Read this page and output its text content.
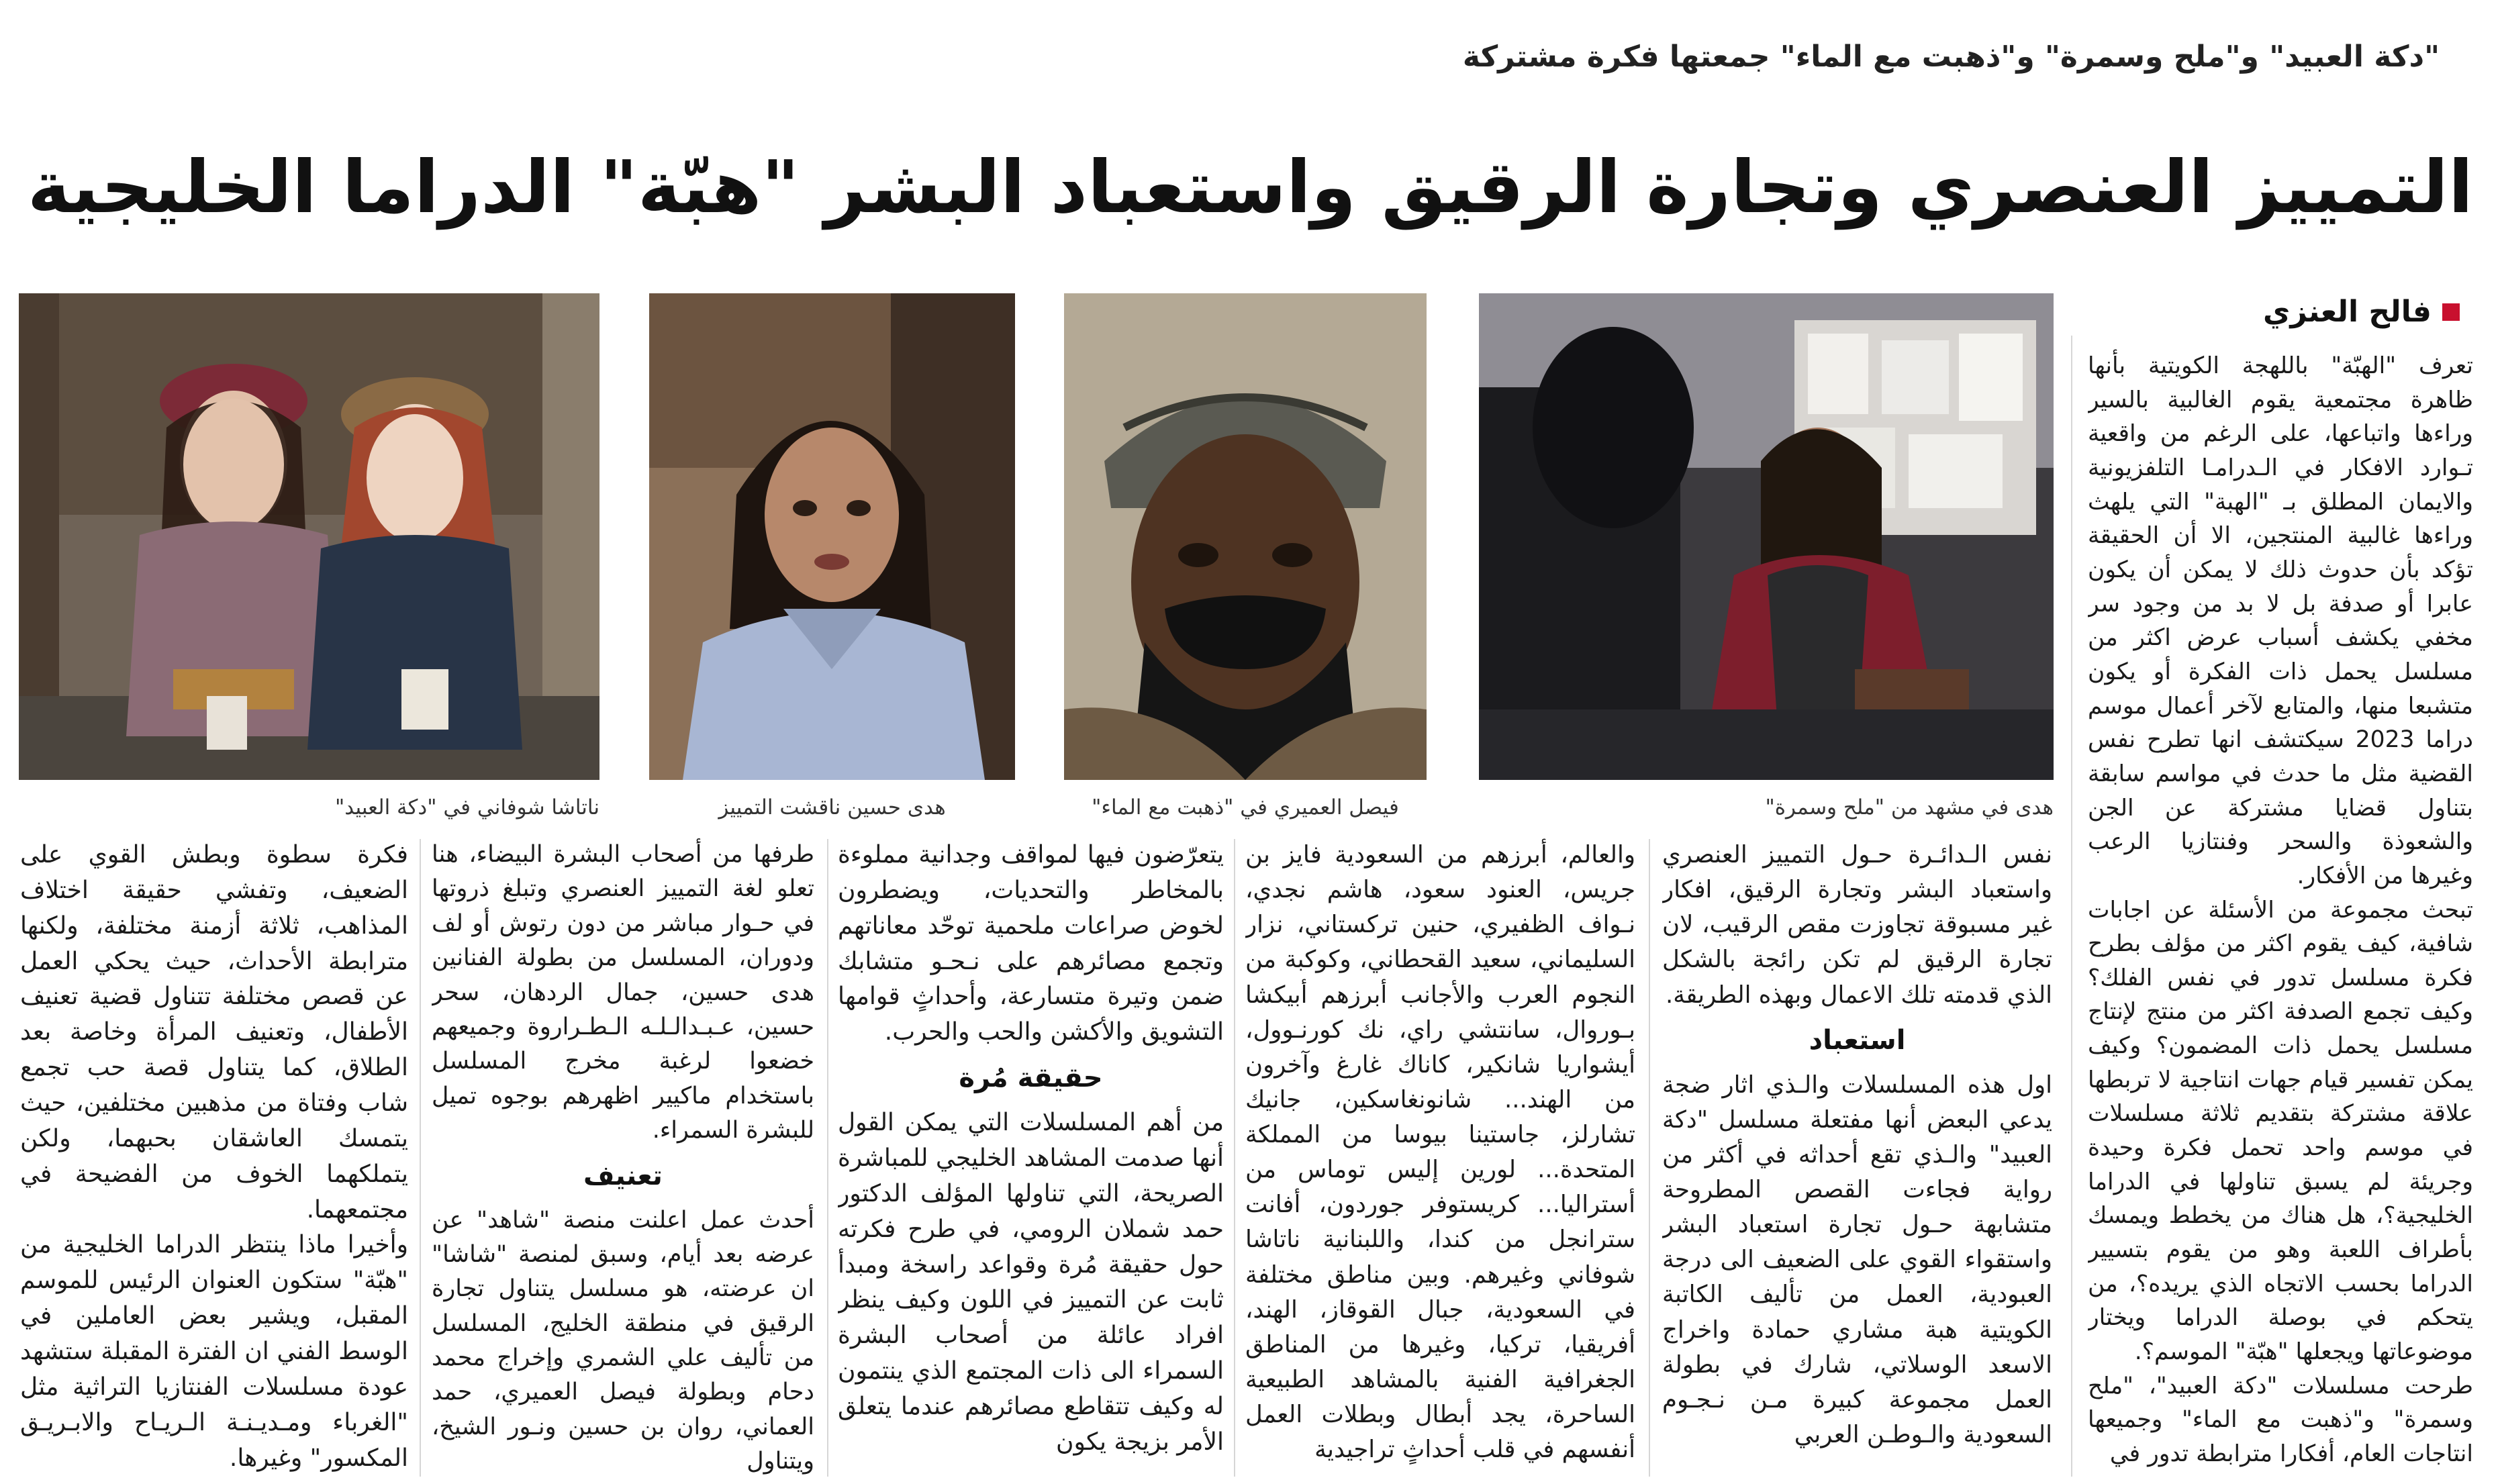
"دكة العبيد" و"ملح وسمرة" و"ذهبت مع الماء" جمعتها فكرة مشتركة
التمييز العنصري وتجارة الرقيق واستعباد البشر "هبّة" الدراما الخليجية
فالح العنزي
هدى في مشهد من "ملح وسمرة"
فيصل العميري في "ذهبت مع الماء"
هدى حسين ناقشت التمييز
ناتاشا شوفاني في "دكة العبيد"

تعرف "الهبّة" باللهجة الكويتية بأنها ظاهرة مجتمعية يقوم الغالبية بالسير وراءها واتباعها، على الرغم من واقعية تـوارد الافكار في الـدرامـا التلفزيونية والايمان المطلق بـ "الهبة" التي يلهث وراءها غالبية المنتجين، الا أن الحقيقة تؤكد بأن حدوث ذلك لا يمكن أن يكون عابرا أو صدفة بل لا بد من وجود سر مخفي يكشف أسباب عرض اكثر من مسلسل يحمل ذات الفكرة أو يكون متشبعا منها، والمتابع لآخر أعمال موسم دراما 2023 سيكتشف انها تطرح نفس القضية مثل ما حدث في مواسم سابقة بتناول قضايا مشتركة عن الجن والشعوذة والسحر وفنتازيا الرعب وغيرها من الأفكار.

تبحث مجموعة من الأسئلة عن اجابات شافية، كيف يقوم اكثر من مؤلف بطرح فكرة مسلسل تدور في نفس الفلك؟ وكيف تجمع الصدفة اكثر من منتج لإنتاج مسلسل يحمل ذات المضمون؟ وكيف يمكن تفسير قيام جهات انتاجية لا تربطها علاقة مشتركة بتقديم ثلاثة مسلسلات في موسم واحد تحمل فكرة وحيدة وجريئة لم يسبق تناولها في الدراما الخليجية؟، هل هناك من يخطط ويمسك بأطراف اللعبة وهو من يقوم بتسيير الدراما بحسب الاتجاه الذي يريده؟، من يتحكم في بوصلة الدراما ويختار موضوعاتها ويجعلها "هبّة" الموسم؟.

طرحت مسلسلات "دكة العبيد"، "ملح وسمرة" و"ذهبت مع الماء" وجميعها انتاجات العام، أفكارا مترابطة تدور في

نفس الـدائـرة حـول التمييز العنصري واستعباد البشر وتجارة الرقيق، افكار غير مسبوقة تجاوزت مقص الرقيب، لان تجارة الرقيق لم تكن رائجة بالشكل الذي قدمته تلك الاعمال وبهذه الطريقة.

استعباد

اول هذه المسلسلات والـذي اثار ضجة يدعي البعض أنها مفتعلة مسلسل "دكة العبيد" والـذي تقع أحداثه في أكثر من رواية فجاءت القصص المطروحة متشابهة حـول تجارة استعباد البشر واستقواء القوي على الضعيف الى درجة العبودية، العمل من تأليف الكاتبة الكويتية هبة مشاري حمادة واخراج الاسعد الوسلاتي، شارك في بطولة العمل مجموعة كبيرة مـن نـجـوم السعودية والـوطـن العربي

والعالم، أبرزهم من السعودية فايز بن جريس، العنود سعود، هاشم نجدي، نـواف الظفيري، حنين تركستاني، نزار السليماني، سعيد القحطاني، وكوكبة من النجوم العرب والأجانب أبرزهم أبيكشا بـوروال، سانتشي راي، نك كورنـوول، أيشواريا شانكير، كاناك غارغ وآخرون من الهند... شانونغاسكين، جانيك تشارلز، جاستينا بيوسا من المملكة المتحدة... لورين إليس توماس من أستراليا... كريستوفر جوردون، أفانت سترانجل من كندا، واللبنانية ناتاشا شوفاني وغيرهم. وبين مناطق مختلفة في السعودية، جبال القوقاز، الهند، أفريقيا، تركيا، وغيرها من المناطق الجغرافية الفنية بالمشاهد الطبيعية الساحرة، يجد أبطال وبطلات العمل أنفسهم في قلب أحداثٍ تراجيدية

يتعرّضون فيها لمواقف وجدانية مملوءة بالمخاطر والتحديات، ويضطرون لخوض صراعات ملحمية توحّد معاناتهم وتجمع مصائرهم على نـحـو متشابك ضمن وتيرة متسارعة، وأحداثٍ قوامها التشويق والأكشن والحب والحرب.

حقيقة مُرة

من أهم المسلسلات التي يمكن القول أنها صدمت المشاهد الخليجي للمباشرة الصريحة، التي تناولها المؤلف الدكتور حمد شملان الرومي، في طرح فكرته حول حقيقة مُرة وقواعد راسخة ومبدأ ثابت عن التمييز في اللون وكيف ينظر افراد عائلة من أصحاب البشرة السمراء الى ذات المجتمع الذي ينتمون له وكيف تتقاطع مصائرهم عندما يتعلق الأمر بزيجة يكون

طرفها من أصحاب البشرة البيضاء، هنا تعلو لغة التمييز العنصري وتبلغ ذروتها في حـوار مباشر من دون رتوش أو لف ودوران، المسلسل من بطولة الفنانين هدى حسين، جمال الردهان، سحر حسين، عـبـدالـلـه الـطـراروة وجميعهم خضعوا لرغبة مخرج المسلسل باستخدام ماكيير اظهرهم بوجوه تميل للبشرة السمراء.

تعنيف

أحدث عمل اعلنت منصة "شاهد" عن عرضه بعد أيام، وسبق لمنصة "شاشا" ان عرضته، هو مسلسل يتناول تجارة الرقيق في منطقة الخليج، المسلسل من تأليف علي الشمري وإخراج محمد دحام وبطولة فيصل العميري، حمد العماني، روان بن حسين ونـور الشيخ، ويتناول

فكرة سطوة وبطش القوي على الضعيف، وتفشي حقيقة اختلاف المذاهب، ثلاثة أزمنة مختلفة، ولكنها مترابطة الأحداث، حيث يحكي العمل عن قصص مختلفة تتناول قضية تعنيف الأطفال، وتعنيف المرأة وخاصة بعد الطلاق، كما يتناول قصة حب تجمع شاب وفتاة من مذهبين مختلفين، حيث يتمسك العاشقان بحبهما، ولكن يتملكهما الخوف من الفضيحة في مجتمعهما.

وأخيرا ماذا ينتظر الدراما الخليجية من "هبّة" ستكون العنوان الرئيس للموسم المقبل، ويشير بعض العاملين في الوسط الفني ان الفترة المقبلة ستشهد عودة مسلسلات الفنتازيا التراثية مثل "الغرباء ومـديـنـة الـريـاح والابـريـق المكسور" وغيرها.
